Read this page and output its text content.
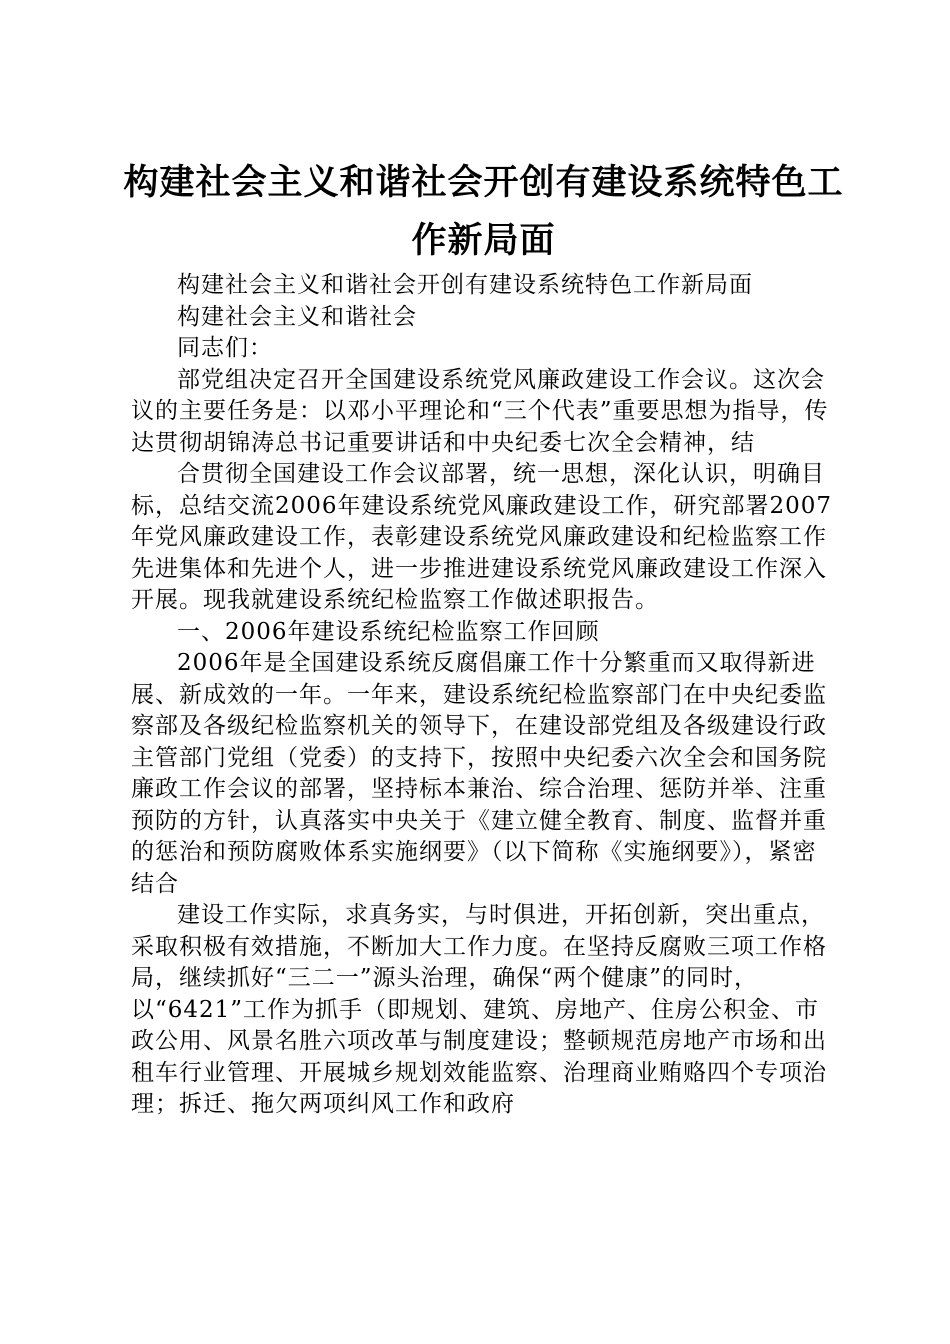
构建社会主义和谐社会开创有建设系统特色工
作新局面

构建社会主义和谐社会开创有建设系统特色工作新局面

构建社会主义和谐社会

同志们：

部党组决定召开全国建设系统党风廉政建设工作会议。这次会议的主要任务是：以邓小平理论和“三个代表”重要思想为指导，传达贯彻胡锦涛总书记重要讲话和中央纪委七次全会精神，结

合贯彻全国建设工作会议部署，统一思想，深化认识，明确目标，总结交流2006年建设系统党风廉政建设工作，研究部署2007年党风廉政建设工作，表彰建设系统党风廉政建设和纪检监察工作先进集体和先进个人，进一步推进建设系统党风廉政建设工作深入开展。现我就建设系统纪检监察工作做述职报告。

一、2006年建设系统纪检监察工作回顾

2006年是全国建设系统反腐倡廉工作十分繁重而又取得新进展、新成效的一年。一年来，建设系统纪检监察部门在中央纪委监察部及各级纪检监察机关的领导下，在建设部党组及各级建设行政主管部门党组（党委）的支持下，按照中央纪委六次全会和国务院廉政工作会议的部署，坚持标本兼治、综合治理、惩防并举、注重预防的方针，认真落实中央关于《建立健全教育、制度、监督并重的惩治和预防腐败体系实施纲要》（以下简称《实施纲要》），紧密结合

建设工作实际，求真务实，与时俱进，开拓创新，突出重点，采取积极有效措施，不断加大工作力度。在坚持反腐败三项工作格局，继续抓好“三二一”源头治理，确保“两个健康”的同时，以“6421”工作为抓手（即规划、建筑、房地产、住房公积金、市政公用、风景名胜六项改革与制度建设；整顿规范房地产市场和出租车行业管理、开展城乡规划效能监察、治理商业贿赂四个专项治理；拆迁、拖欠两项纠风工作和政府
